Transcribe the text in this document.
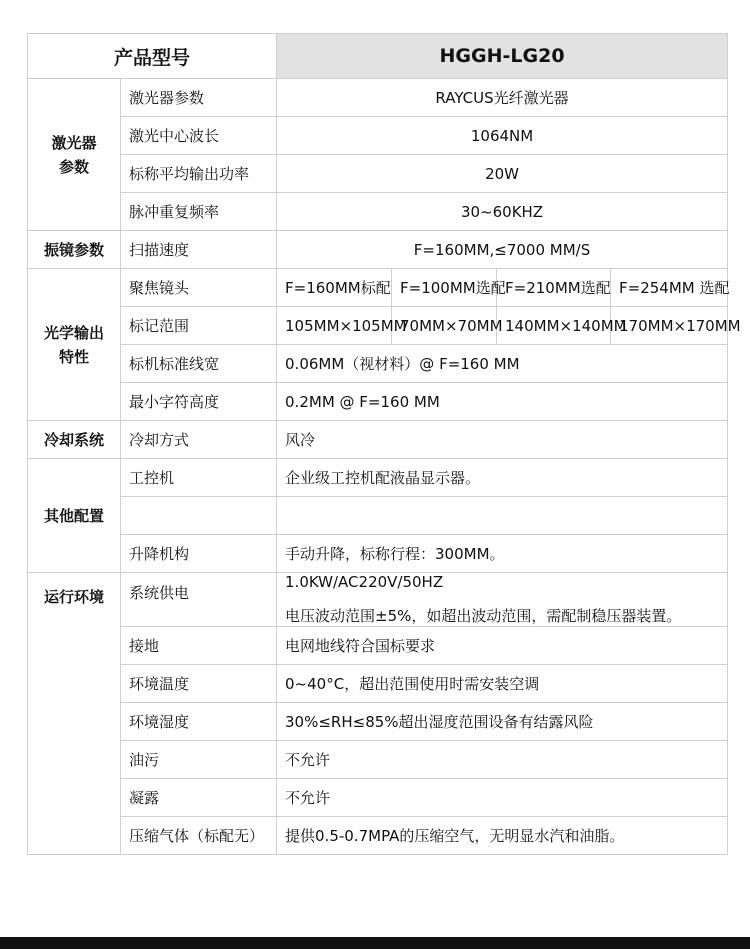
产品型号		HGGH-LG20			
激光器
参数	激光器参数	RAYCUS光纤激光器			
	激光中心波长	1064NM			
	标称平均输出功率	20W			
	脉冲重复频率	30~60KHZ			
振镜参数	扫描速度	F=160MM,≤7000 MM/S			
光学输出
特性	聚焦镜头	F=160MM标配	F=100MM选配	F=210MM选配	F=254MM 选配
	标记范围	105MM×105MM	70MM×70MM	140MM×140MM	170MM×170MM
	标机标准线宽	0.06MM（视材料）@ F=160 MM			
	最小字符高度	0.2MM @ F=160 MM			
冷却系统	冷却方式	风冷			
其他配置	工控机	企业级工控机配液晶显示器。			

	升降机构	手动升降，标称行程：300MM。			
运行环境	系统供电	1.0KW/AC220V/50HZ
电压波动范围±5%，如超出波动范围，需配制稳压器装置。			

	接地	电网地线符合国标要求			
	环境温度	0~40°C，超出范围使用时需安装空调			
	环境湿度	30%≤RH≤85%超出湿度范围设备有结露风险			
	油污	不允许			
	凝露	不允许			
	压缩气体（标配无）	提供0.5-0.7MPA的压缩空气，无明显水汽和油脂。			
